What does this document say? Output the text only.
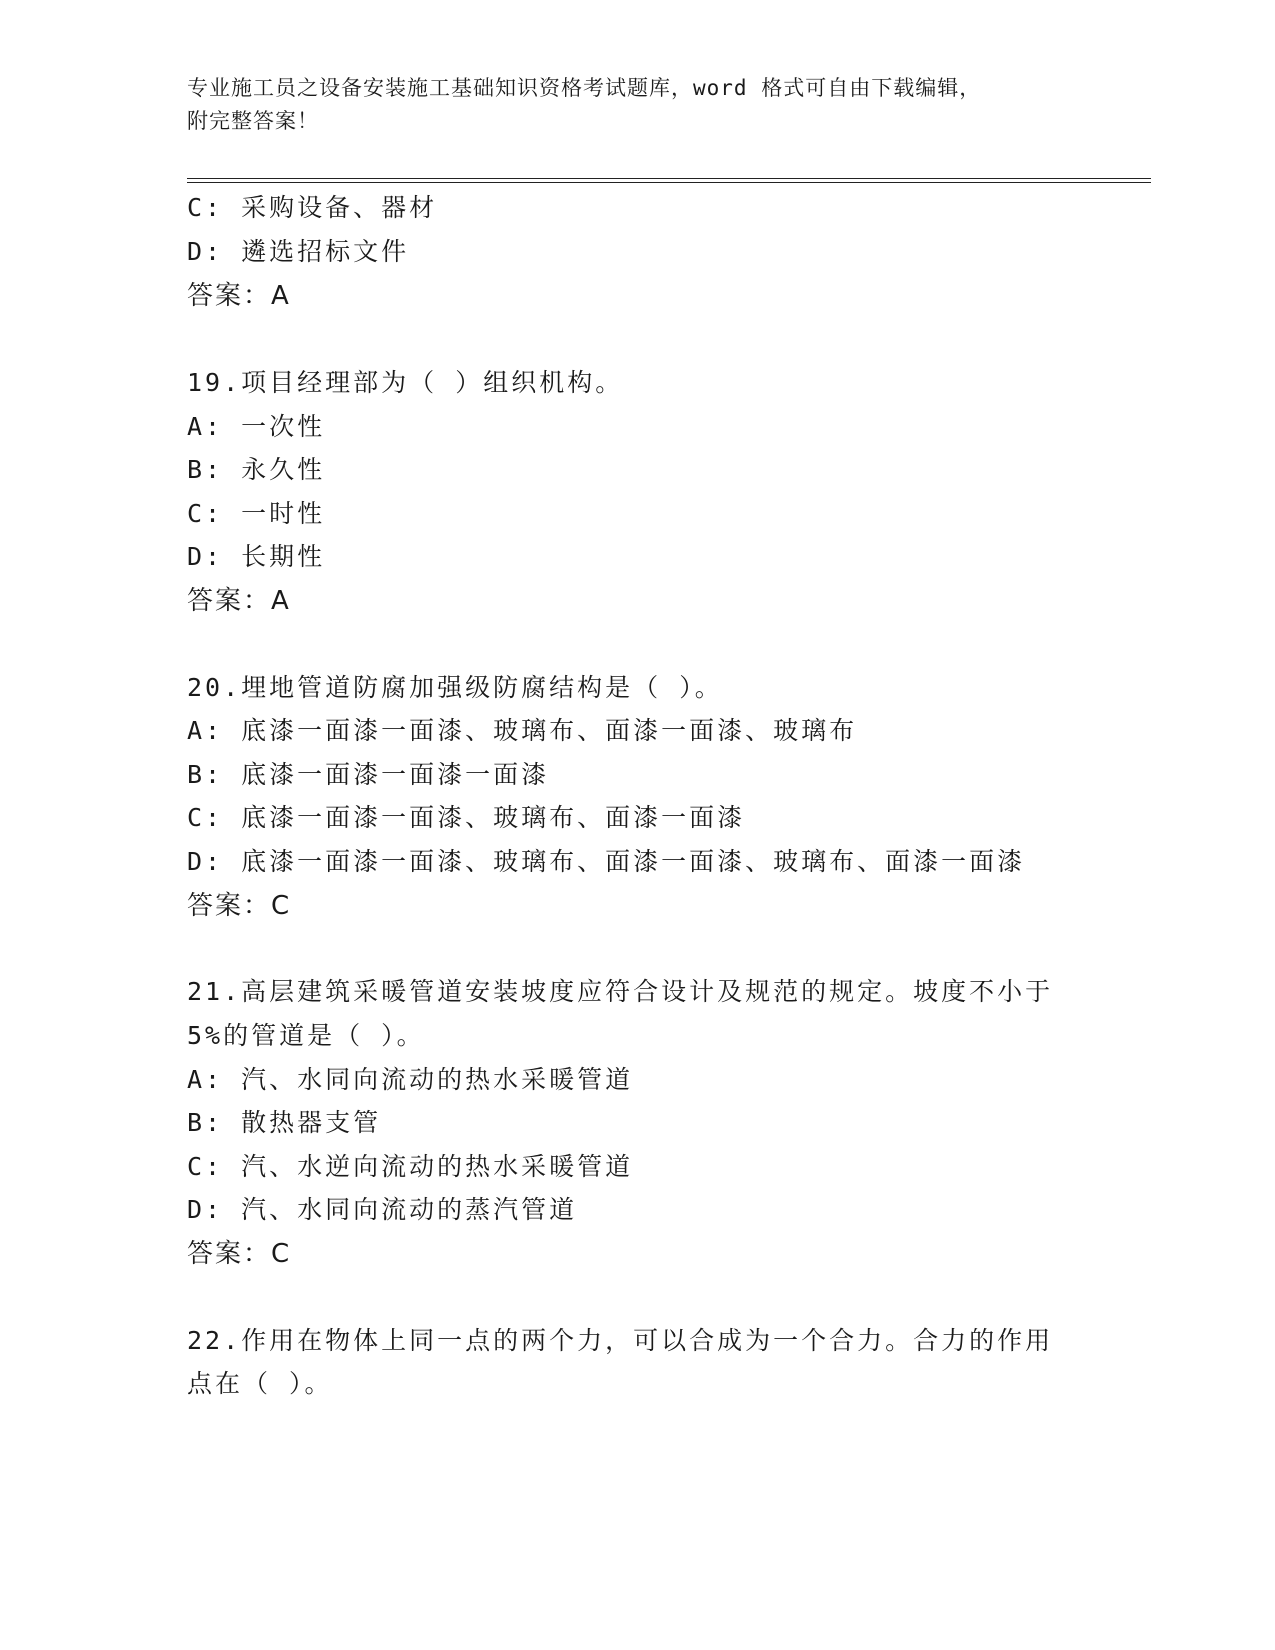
专业施工员之设备安装施工基础知识资格考试题库，word 格式可自由下载编辑，
附完整答案！
C: 采购设备、器材
D: 遴选招标文件
答案：A
19.项目经理部为（ ）组织机构。
A: 一次性
B: 永久性
C: 一时性
D: 长期性
答案：A
20.埋地管道防腐加强级防腐结构是（ ）。
A: 底漆一面漆一面漆、玻璃布、面漆一面漆、玻璃布
B: 底漆一面漆一面漆一面漆
C: 底漆一面漆一面漆、玻璃布、面漆一面漆
D: 底漆一面漆一面漆、玻璃布、面漆一面漆、玻璃布、面漆一面漆
答案：C
21.高层建筑采暖管道安装坡度应符合设计及规范的规定。坡度不小于
5%的管道是（ ）。
A: 汽、水同向流动的热水采暖管道
B: 散热器支管
C: 汽、水逆向流动的热水采暖管道
D: 汽、水同向流动的蒸汽管道
答案：C
22.作用在物体上同一点的两个力，可以合成为一个合力。合力的作用
点在（ ）。
